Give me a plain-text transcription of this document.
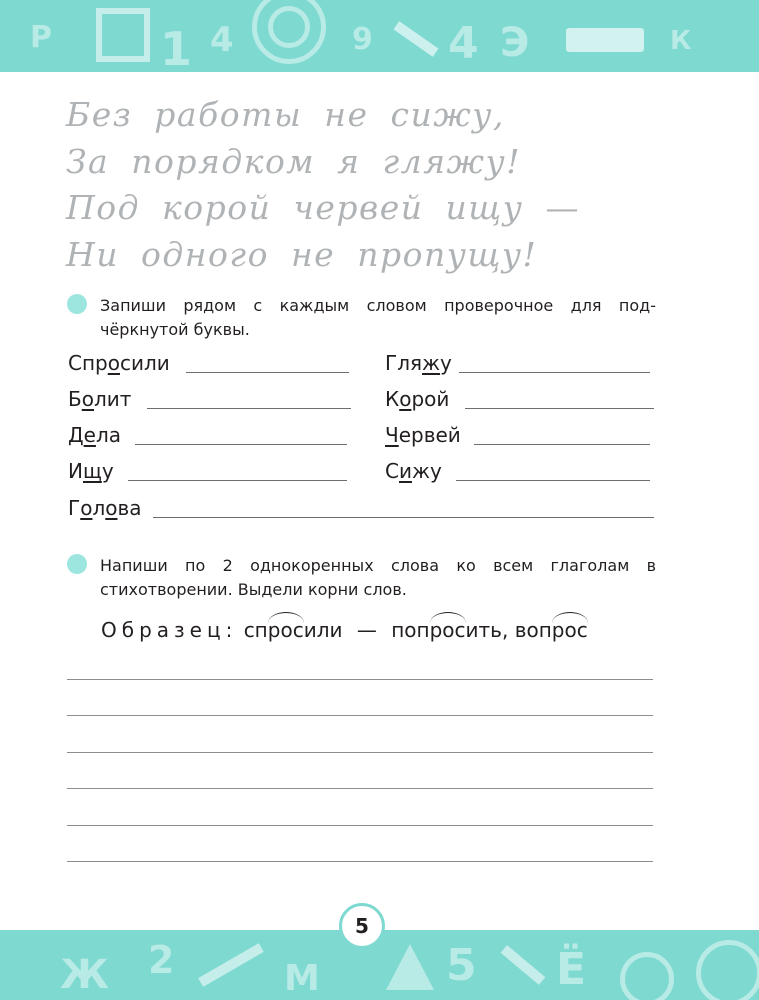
Р 1 4	9 4 Э	К
Без работы не сижу,
За порядком я гляжу!
Под корой червей ищу —
Ни одного не пропущу!
Запиши рядом с каждым словом проверочное для под-чёркнутой буквы.
Спросили
Болит
Дела
Ищу
Гляжу
Корой
Червей
Сижу
Голова
Напиши по 2 однокоренных слова ко всем глаголам в стихотворении. Выдели корни слов.
Образец: спросили — попросить, вопрос
Ж 2	М	5 Ё
5
